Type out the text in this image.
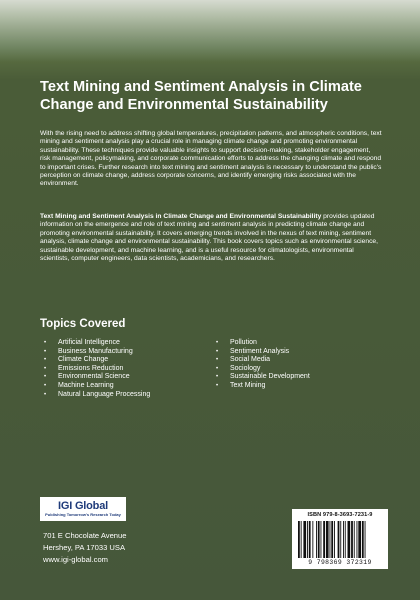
Text Mining and Sentiment Analysis in Climate Change and Environmental Sustainability

With the rising need to address shifting global temperatures, precipitation patterns, and atmospheric conditions, text mining and sentiment analysis play a crucial role in managing climate change and promoting environmental sustainability. These techniques provide valuable insights to support decision-making, stakeholder engagement, risk management, policymaking, and corporate communication efforts to address the changing climate and respond to important crises. Further research into text mining and sentiment analysis is necessary to understand the public's perception on climate change, address corporate concerns, and identify emerging risks associated with the environment.

Text Mining and Sentiment Analysis in Climate Change and Environmental Sustainability provides updated information on the emergence and role of text mining and sentiment analysis in predicting climate change and promoting environmental sustainability. It covers emerging trends involved in the nexus of text mining, sentiment analysis, climate change and environmental sustainability. This book covers topics such as environmental science, sustainable development, and machine learning, and is a useful resource for climatologists, environmental scientists, computer engineers, data scientists, academicians, and researchers.

Topics Covered
• Artificial Intelligence
• Business Manufacturing
• Climate Change
• Emissions Reduction
• Environmental Science
• Machine Learning
• Natural Language Processing
• Pollution
• Sentiment Analysis
• Social Media
• Sociology
• Sustainable Development
• Text Mining
IGI Global
Publishing Tomorrow's Research Today
701 E Chocolate Avenue
Hershey, PA 17033 USA
www.igi-global.com
ISBN 979-8-3693-7231-9
9 798369 372319
